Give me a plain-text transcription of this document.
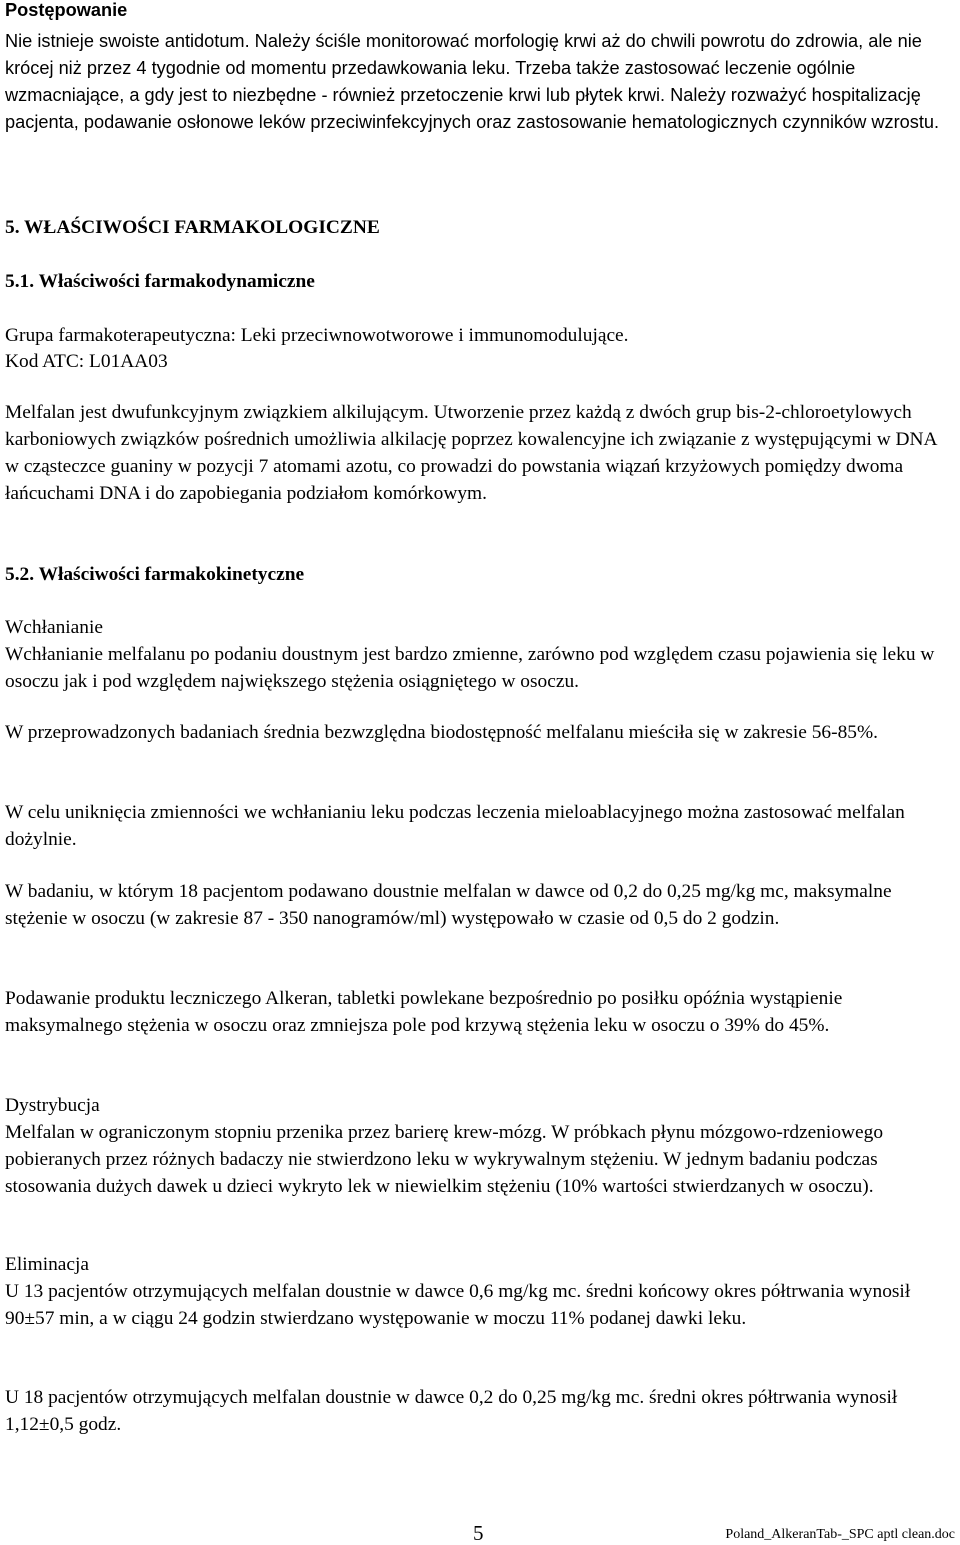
Postępowanie

Nie istnieje swoiste antidotum. Należy ściśle monitorować morfologię krwi aż do chwili powrotu do zdrowia, ale nie krócej niż przez 4 tygodnie od momentu przedawkowania leku. Trzeba także zastosować leczenie ogólnie wzmacniające, a gdy jest to niezbędne - również przetoczenie krwi lub płytek krwi. Należy rozważyć hospitalizację pacjenta, podawanie osłonowe leków przeciwinfekcyjnych oraz zastosowanie hematologicznych czynników wzrostu.

5. WŁAŚCIWOŚCI FARMAKOLOGICZNE
5.1. Właściwości farmakodynamiczne

Grupa farmakoterapeutyczna: Leki przeciwnowotworowe i immunomodulujące.

Kod ATC: L01AA03

Melfalan jest dwufunkcyjnym związkiem alkilującym. Utworzenie przez każdą z dwóch grup bis-2-chloroetylowych karboniowych związków pośrednich umożliwia alkilację poprzez kowalencyjne ich związanie z występującymi w DNA w cząsteczce guaniny w pozycji 7 atomami azotu, co prowadzi do powstania wiązań krzyżowych pomiędzy dwoma łańcuchami DNA i do zapobiegania podziałom komórkowym.

5.2. Właściwości farmakokinetyczne
Wchłanianie

Wchłanianie melfalanu po podaniu doustnym jest bardzo zmienne, zarówno pod względem czasu pojawienia się leku w osoczu jak i pod względem największego stężenia osiągniętego w osoczu.

W przeprowadzonych badaniach średnia bezwzględna biodostępność melfalanu mieściła się w zakresie 56-85%.

W celu uniknięcia zmienności we wchłanianiu leku podczas leczenia mieloablacyjnego można zastosować melfalan dożylnie.

W badaniu, w którym 18 pacjentom podawano doustnie melfalan w dawce od 0,2 do 0,25 mg/kg mc, maksymalne stężenie w osoczu (w zakresie 87 - 350 nanogramów/ml) występowało w czasie od 0,5 do 2 godzin.

Podawanie produktu leczniczego Alkeran, tabletki powlekane bezpośrednio po posiłku opóźnia wystąpienie maksymalnego stężenia w osoczu oraz zmniejsza pole pod krzywą stężenia leku w osoczu o 39% do 45%.

Dystrybucja

Melfalan w ograniczonym stopniu przenika przez barierę krew-mózg. W próbkach płynu mózgowo-rdzeniowego pobieranych przez różnych badaczy nie stwierdzono leku w wykrywalnym stężeniu. W jednym badaniu podczas stosowania dużych dawek u dzieci wykryto lek w niewielkim stężeniu (10% wartości stwierdzanych w osoczu).

Eliminacja

U 13 pacjentów otrzymujących melfalan doustnie w dawce 0,6 mg/kg mc. średni końcowy okres półtrwania wynosił 90±57 min, a w ciągu 24 godzin stwierdzano występowanie w moczu 11% podanej dawki leku.

U 18 pacjentów otrzymujących melfalan doustnie w dawce 0,2 do 0,25 mg/kg mc. średni okres półtrwania wynosił 1,12±0,5 godz.

5	Poland_AlkeranTab-_SPC aptl clean.doc
